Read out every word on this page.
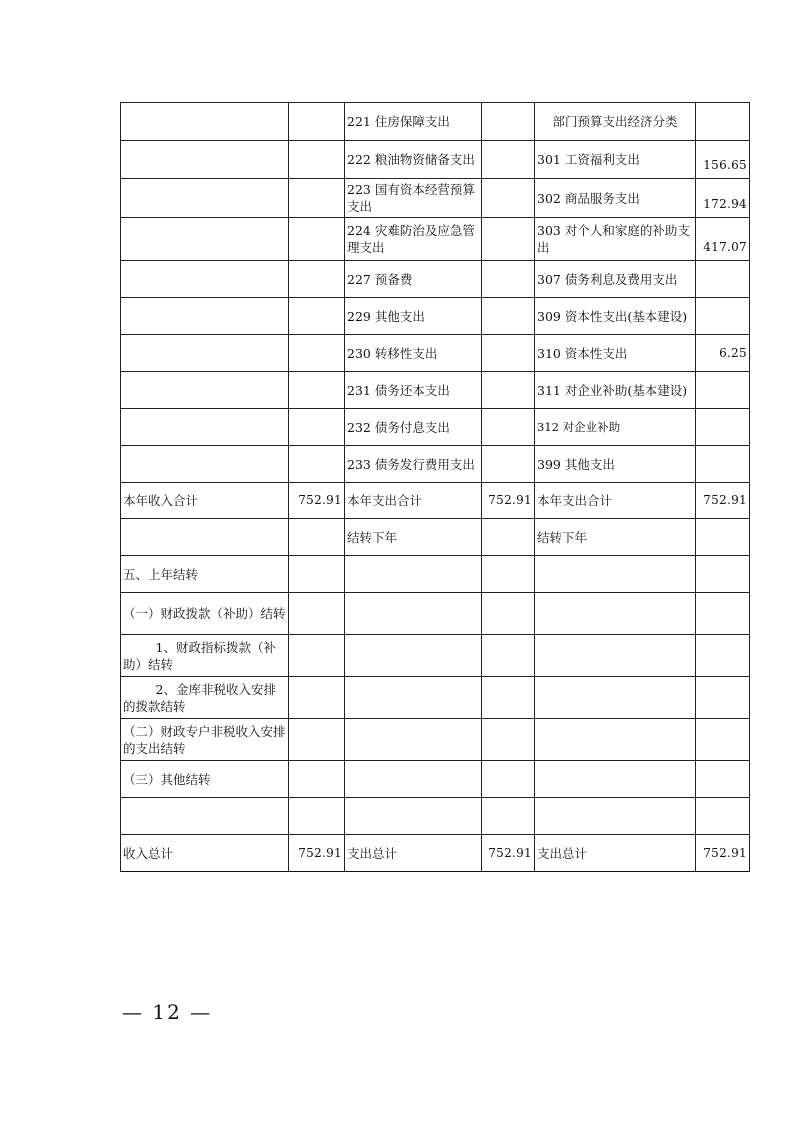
		221 住房保障支出		部门预算支出经济分类	
		222 粮油物资储备支出		301 工资福利支出	156.65
		223 国有资本经营预算支出		302 商品服务支出	172.94
		224 灾难防治及应急管理支出		303 对个人和家庭的补助支出	417.07
		227 预备费		307 债务利息及费用支出	
		229 其他支出		309 资本性支出(基本建设)	
		230 转移性支出		310 资本性支出	6.25
		231 债务还本支出		311 对企业补助(基本建设)	
		232 债务付息支出		312 对企业补助	
		233 债务发行费用支出		399 其他支出	
本年收入合计	752.91	本年支出合计	752.91	本年支出合计	752.91
		结转下年		结转下年	
五、上年结转					
（一）财政拨款（补助）结转					
1、财政指标拨款（补助）结转					
2、金库非税收入安排的拨款结转					
（二）财政专户非税收入安排的支出结转					
（三）其他结转					

收入总计	752.91	支出总计	752.91	支出总计	752.91
— 12 —
